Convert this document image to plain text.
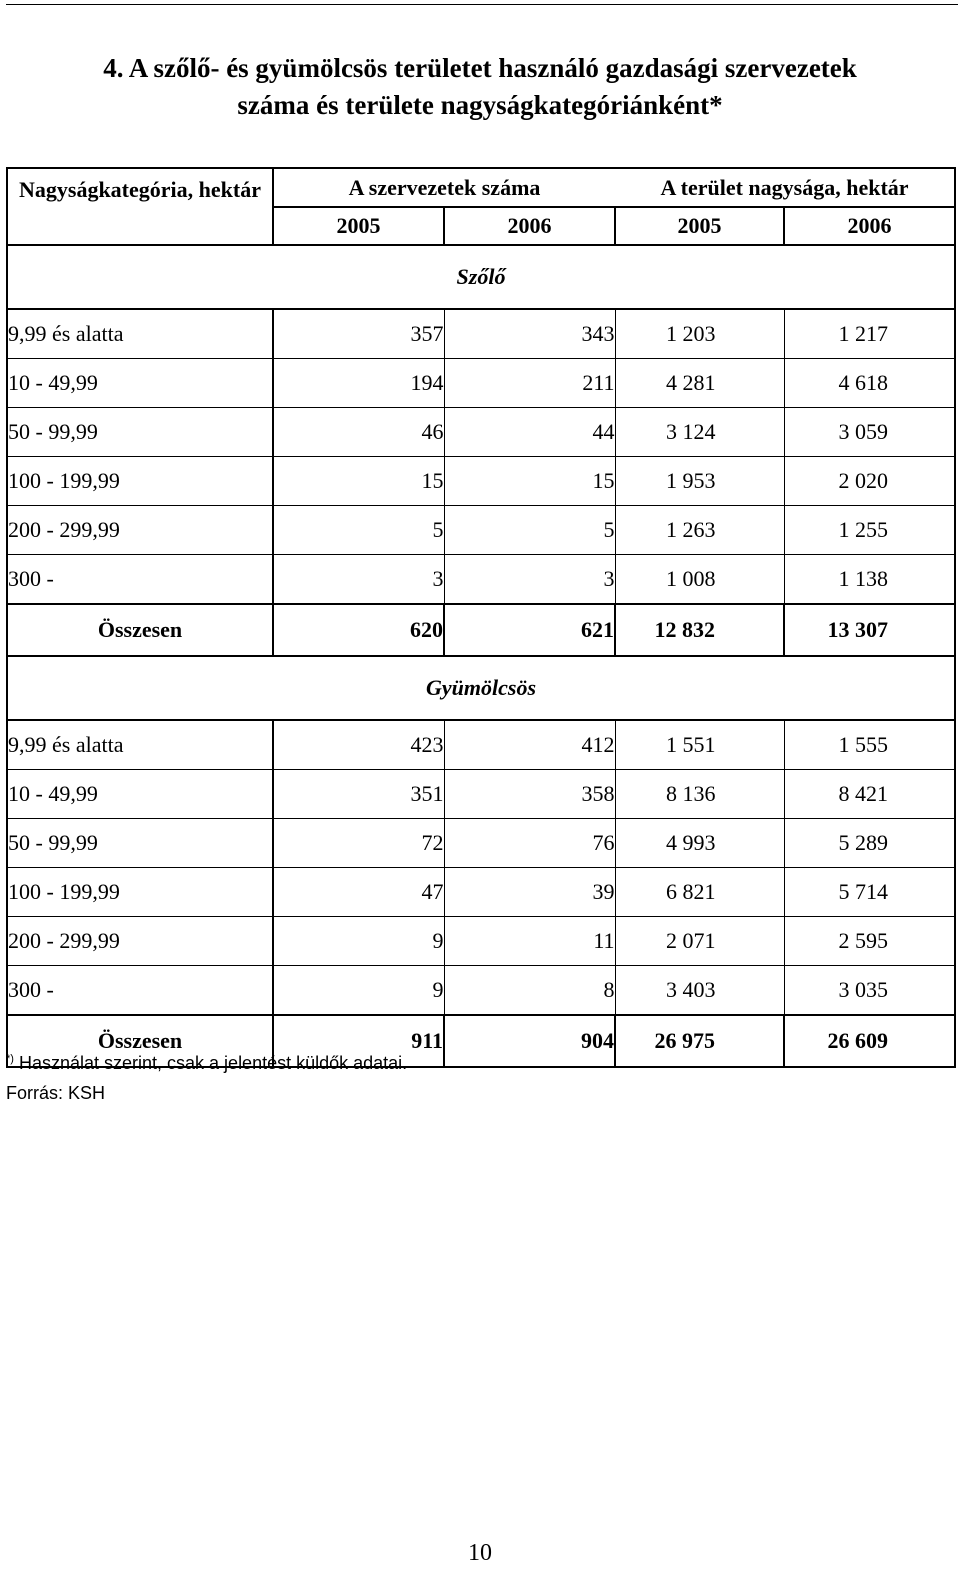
4. A szőlő- és gyümölcsös területet használó gazdasági szervezetek
száma és területe nagyságkategóriánként*
Nagyságkategória, hektár	A szervezetek száma		A terület nagysága, hektár	
	2005	2006	2005	2006
Szőlő				
9,99 és alatta	357	343	1 203	1 217
10 - 49,99	194	211	4 281	4 618
50 - 99,99	46	44	3 124	3 059
100 - 199,99	15	15	1 953	2 020
200 - 299,99	5	5	1 263	1 255
300 -	3	3	1 008	1 138
Összesen	620	621	12 832	13 307
Gyümölcsös				
9,99 és alatta	423	412	1 551	1 555
10 - 49,99	351	358	8 136	8 421
50 - 99,99	72	76	4 993	5 289
100 - 199,99	47	39	6 821	5 714
200 - 299,99	9	11	2 071	2 595
300 -	9	8	3 403	3 035
Összesen	911	904	26 975	26 609
*) Használat szerint, csak a jelentést küldők adatai.
Forrás: KSH
10
